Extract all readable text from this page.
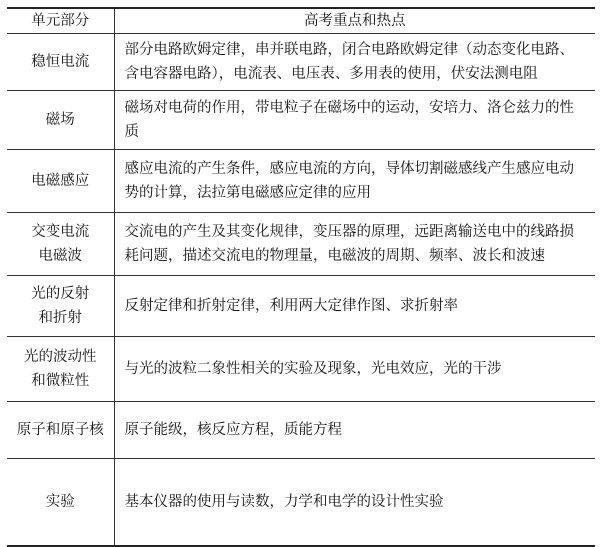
单元部分	高考重点和热点

稳恒电流	部分电路欧姆定律，串并联电路，闭合电路欧姆定律（动态变化电路、含电容器电路），电流表、电压表、多用表的使用，伏安法测电阻

磁场	磁场对电荷的作用，带电粒子在磁场中的运动，安培力、洛仑兹力的性质

电磁感应	感应电流的产生条件，感应电流的方向，导体切割磁感线产生感应电动势的计算，法拉第电磁感应定律的应用

交变电流
电磁波	交流电的产生及其变化规律，变压器的原理，远距离输送电中的线路损耗问题，描述交流电的物理量，电磁波的周期、频率、波长和波速

光的反射
和折射	反射定律和折射定律，利用两大定律作图、求折射率

光的波动性
和微粒性	与光的波粒二象性相关的实验及现象，光电效应，光的干涉

原子和原子核	原子能级，核反应方程，质能方程

实验	基本仪器的使用与读数，力学和电学的设计性实验
